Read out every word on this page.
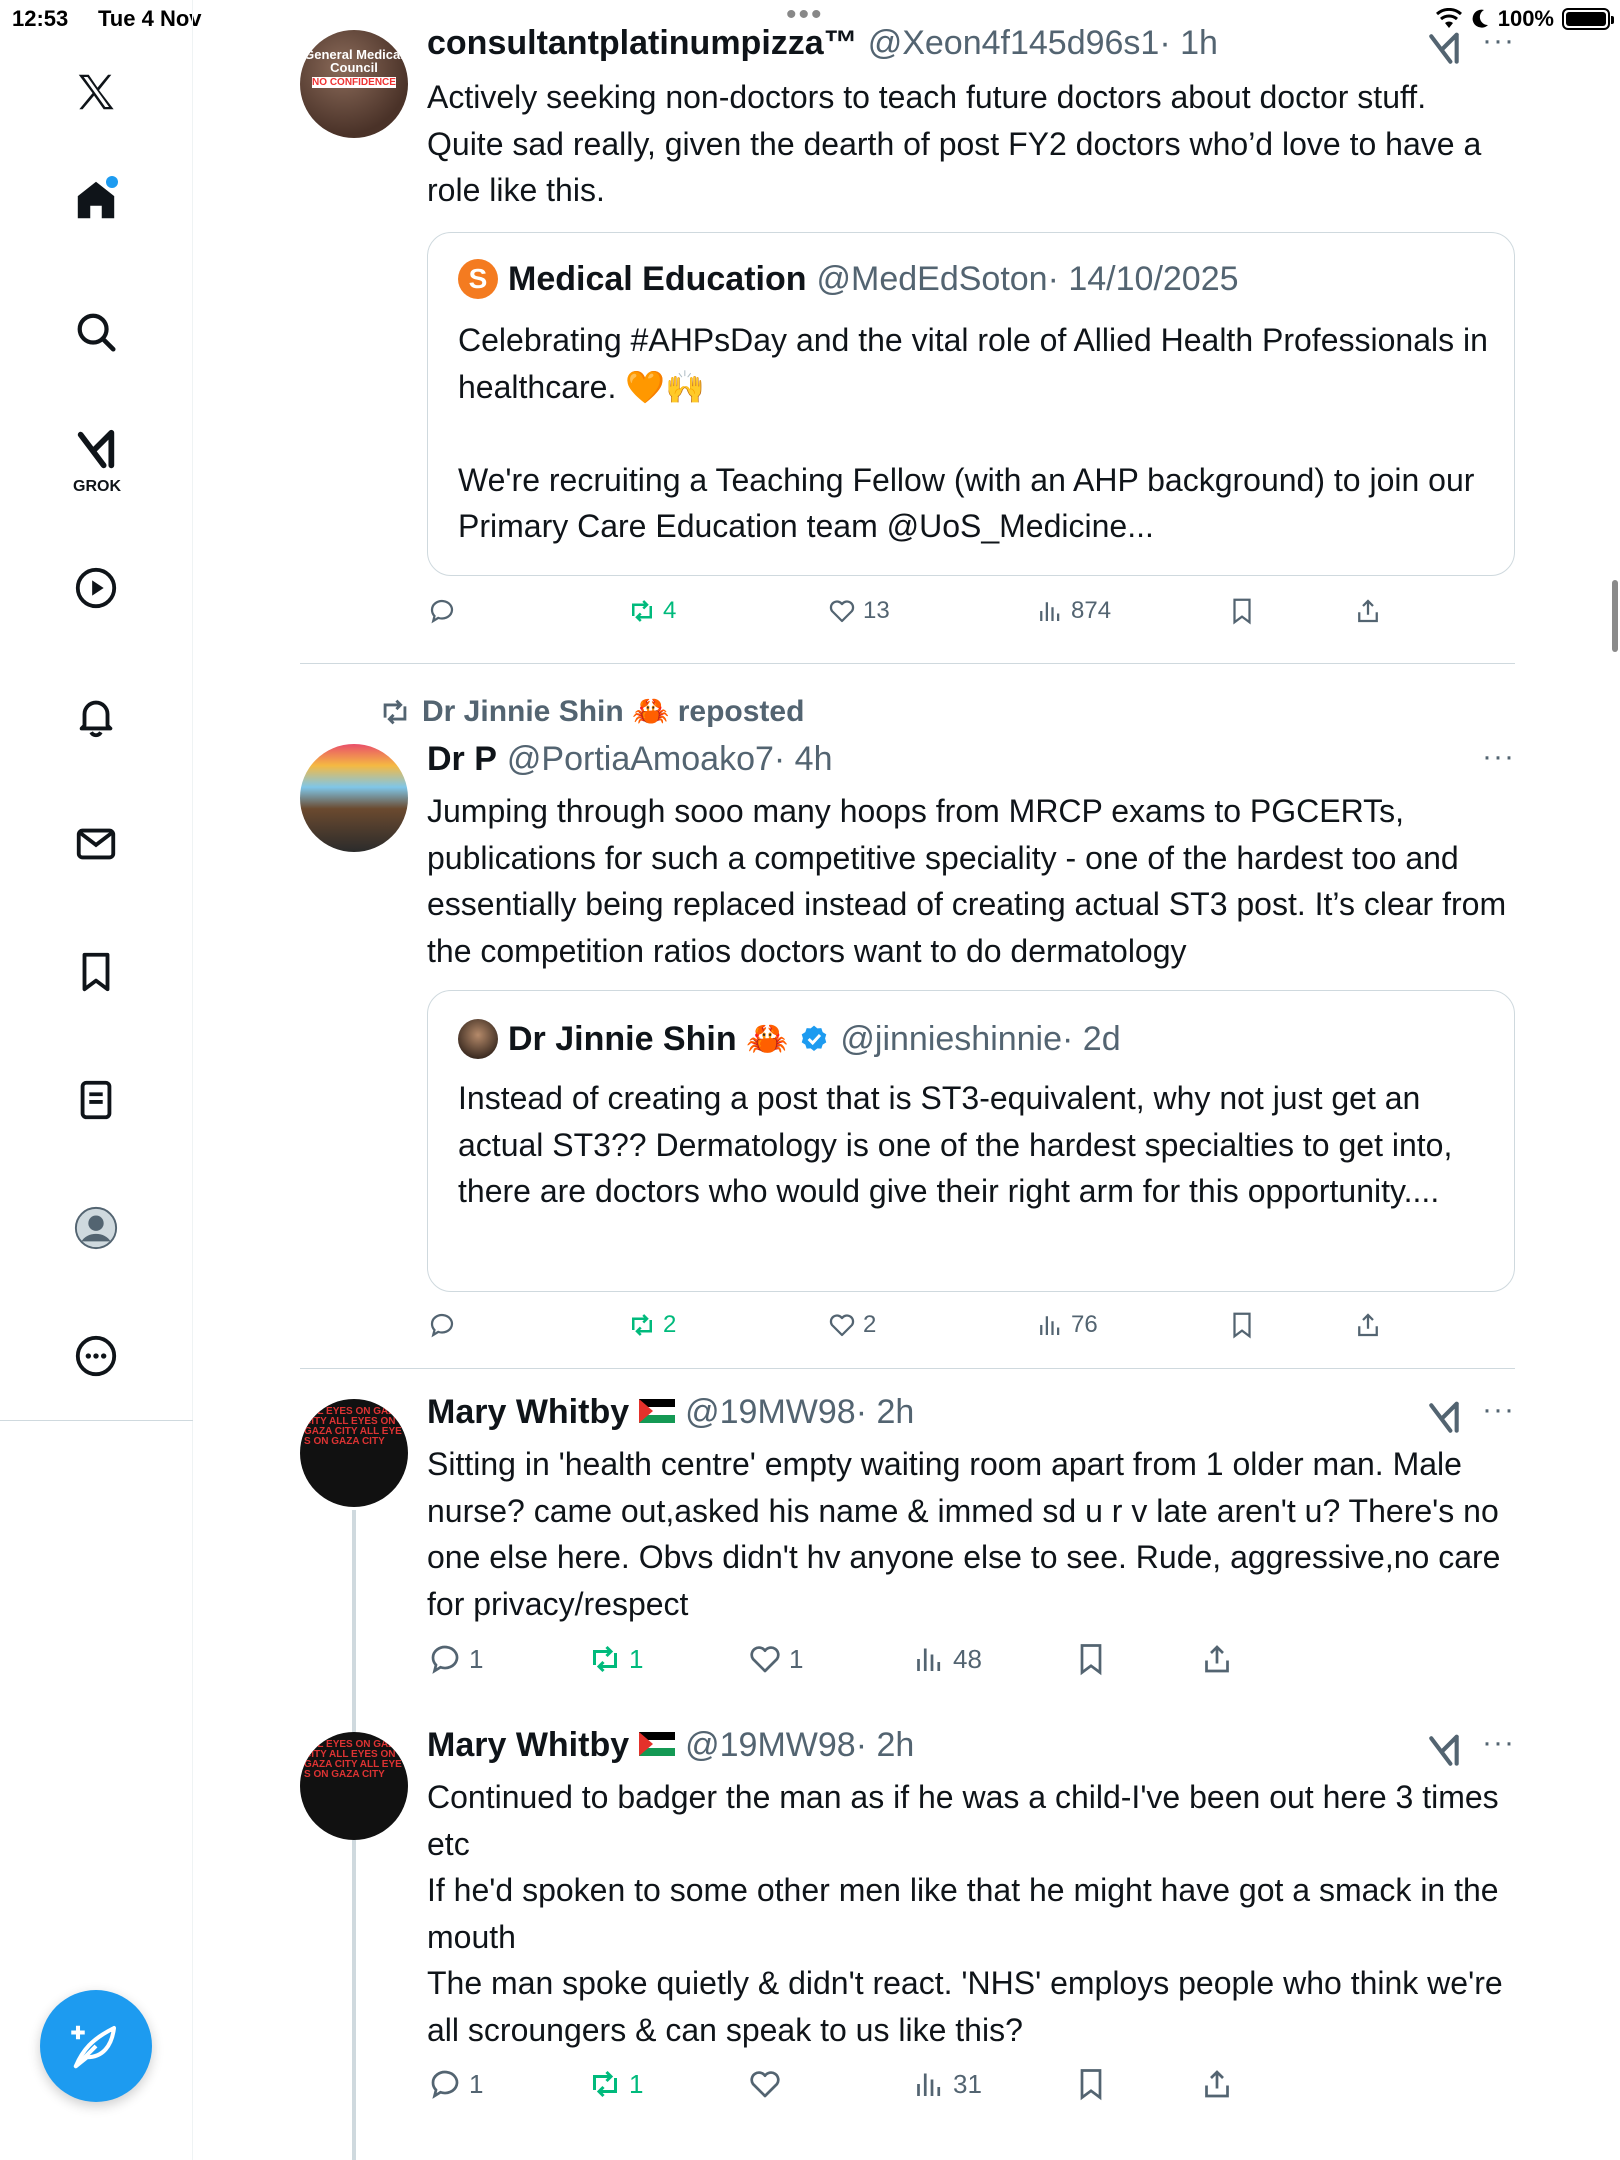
12:53 Tue 4 Nov	•••	100%
GROK
General Medical Council
NO CONFIDENCE
consultantplatinumpizza™ @Xeon4f145d96s1 · 1h	···
Actively seeking non-doctors to teach future doctors about doctor stuff. Quite sad really, given the dearth of post FY2 doctors who’d love to have a role like this.
S Medical Education @MedEdSoton · 14/10/2025
Celebrating #AHPsDay and the vital role of Allied Health Professionals in healthcare. 🧡🙌

We're recruiting a Teaching Fellow (with an AHP background) to join our Primary Care Education team @UoS_Medicine...
4	13	874
Dr Jinnie Shin 🦀 reposted
Dr P @PortiaAmoako7 · 4h	···
Jumping through sooo many hoops from MRCP exams to PGCERTs, publications for such a competitive speciality - one of the hardest too and essentially being replaced instead of creating actual ST3 post. It’s clear from the competition ratios doctors want to do dermatology
Dr Jinnie Shin 🦀 @jinnieshinnie · 2d
Instead of creating a post that is ST3-equivalent, why not just get an actual ST3?? Dermatology is one of the hardest specialties to get into, there are doctors who would give their right arm for this opportunity....
2	2	76
ALL EYES ON GAZA CITY ALL EYES ON GAZA CITY ALL EYES ON GAZA CITY
Mary Whitby @19MW98 · 2h	···
Sitting in 'health centre' empty waiting room apart from 1 older man. Male nurse? came out,asked his name & immed sd u r v late aren't u? There's no one else here. Obvs didn't hv anyone else to see. Rude, aggressive,no care for privacy/respect
1	1	1	48
ALL EYES ON GAZA CITY ALL EYES ON GAZA CITY ALL EYES ON GAZA CITY
Mary Whitby @19MW98 · 2h	···
Continued to badger the man as if he was a child-I've been out here 3 times etc
If he'd spoken to some other men like that he might have got a smack in the mouth
The man spoke quietly & didn't react. 'NHS' employs people who think we're all scroungers & can speak to us like this?
1	1	31
